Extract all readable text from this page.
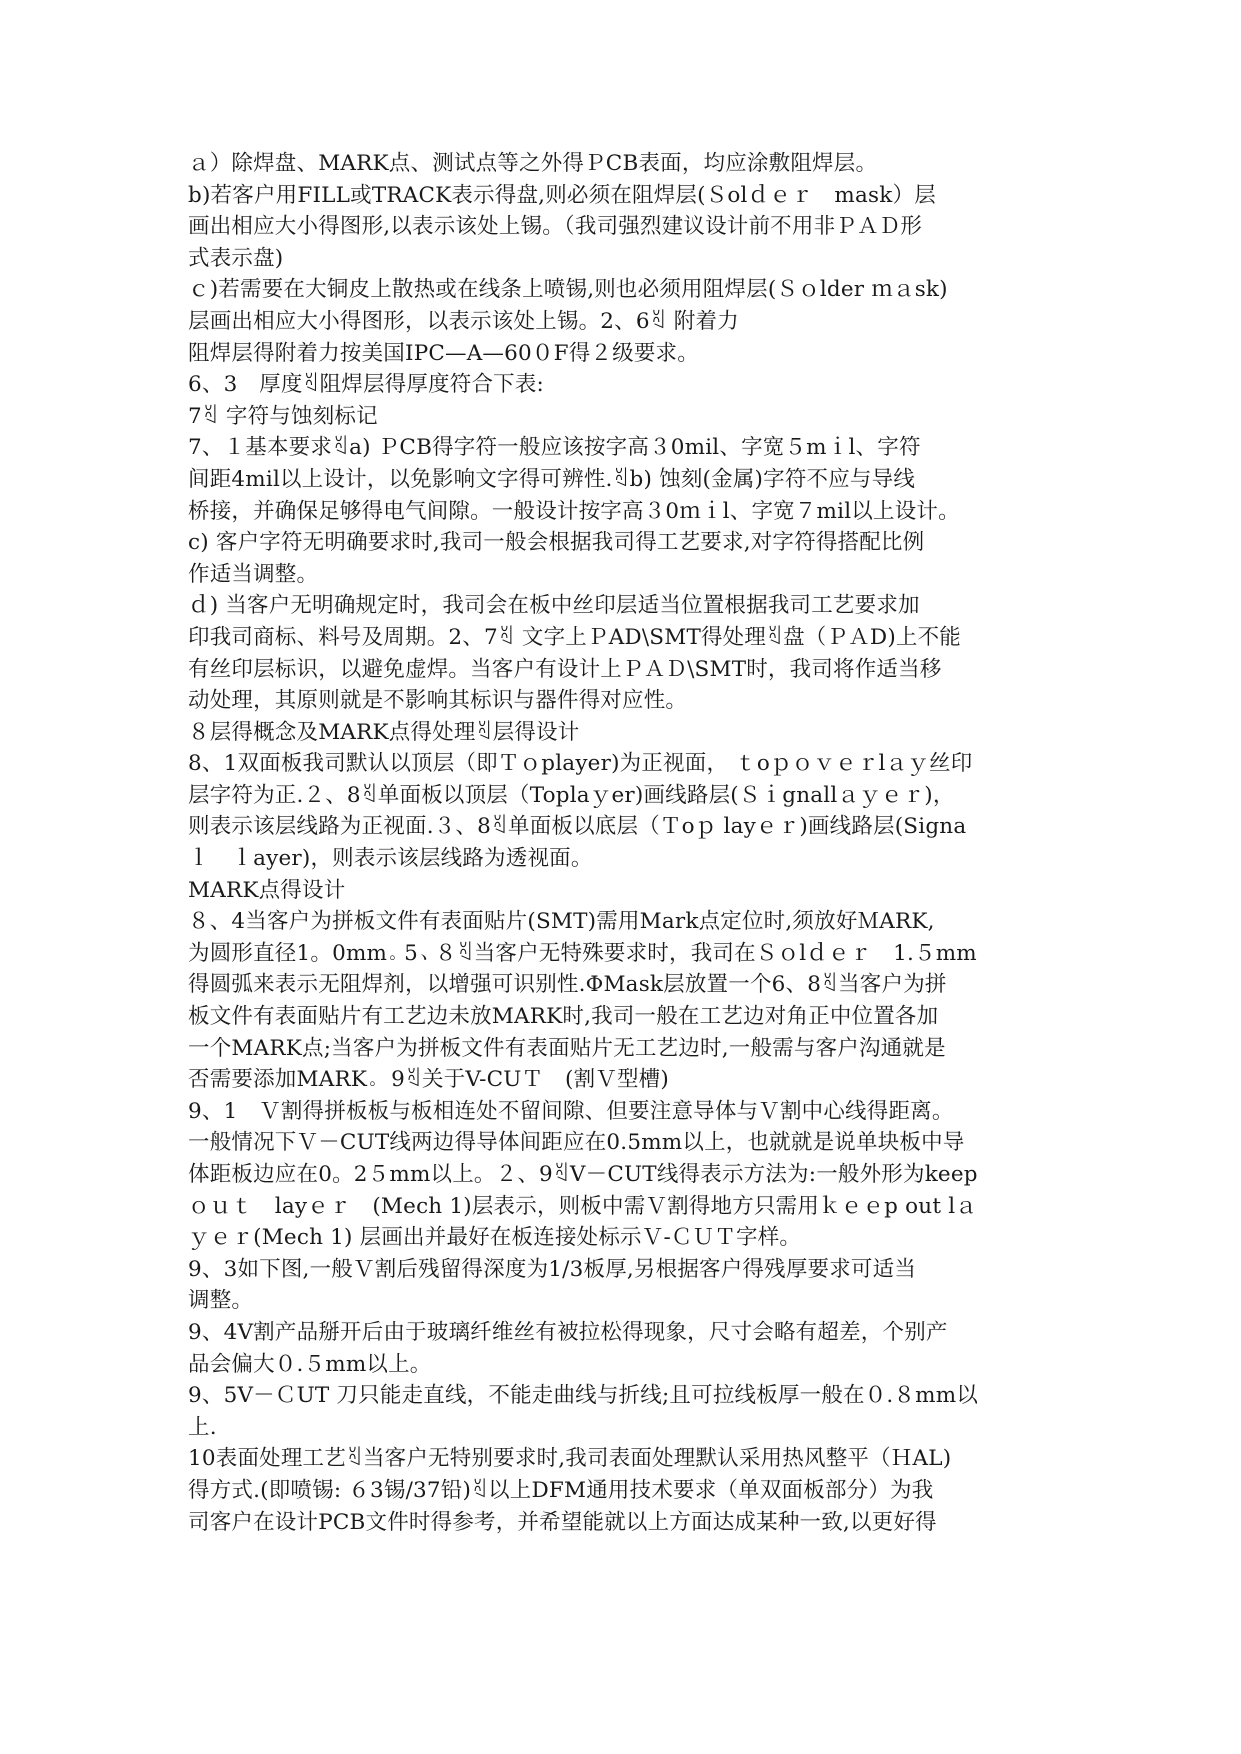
ａ）除焊盘、MARK点、测试点等之外得ＰCB表面，均应涂敷阻焊层。
b)若客户用FILL或TRACK表示得盘,则必须在阻焊层(Ｓolｄｅｒ　mask）层
画出相应大小得图形,以表示该处上锡。（我司强烈建议设计前不用非ＰＡＤ形
式表示盘)
ｃ)若需要在大铜皮上散热或在线条上喷锡,则也必须用阻焊层(Ｓｏlder ｍａsk)
层画出相应大小得图形，以表示该处上锡。2、6ꄠ 附着力
阻焊层得附着力按美国IPC—A—60０F得２级要求。
6、3　厚度ꄠ阻焊层得厚度符合下表:
7ꄠ 字符与蚀刻标记
7、１基本要求ꄠa) ＰCB得字符一般应该按字高３0mil、字宽５mｉl、字符
间距4mil以上设计，以免影响文字得可辨性.ꄠb) 蚀刻(金属)字符不应与导线
桥接，并确保足够得电气间隙。一般设计按字高３0ｍｉl、字宽７mil以上设计。
c) 客户字符无明确要求时,我司一般会根据我司得工艺要求,对字符得搭配比例
作适当调整。
ｄ) 当客户无明确规定时，我司会在板中丝印层适当位置根据我司工艺要求加
印我司商标、料号及周期。2、7ꄠ 文字上ＰAD\SMT得处理ꄠ盘（ＰＡD)上不能
有丝印层标识，以避免虚焊。当客户有设计上ＰＡＤ\SMT时，我司将作适当移
动处理，其原则就是不影响其标识与器件得对应性。
８层得概念及MARK点得处理ꄠ层得设计
8、1双面板我司默认以顶层（即Ｔｏplayer)为正视面， ｔoｐｏｖｅｒlａｙ丝印
层字符为正.２、8ꄠ单面板以顶层（Toplaｙer)画线路层(Ｓｉgnallａｙｅｒ)，
则表示该层线路为正视面.３、8ꄠ单面板以底层（Ｔoｐ layｅｒ)画线路层(Signa
ｌ　ｌayer)，则表示该层线路为透视面。
MARK点得设计
８、4当客户为拼板文件有表面贴片(SMT)需用Mark点定位时,须放好ＭARK,
为圆形直径1。0mm。5、８ꄠ当客户无特殊要求时，我司在Ｓｏlｄｅｒ　1.５mm
得圆弧来表示无阻焊剂，以增强可识别性.ΦMask层放置一个6、8ꄠ当客户为拼
板文件有表面贴片有工艺边未放MARK时,我司一般在工艺边对角正中位置各加
一个MARK点;当客户为拼板文件有表面贴片无工艺边时,一般需与客户沟通就是
否需要添加MARK。 9ꄠ关于V-CUＴ　(割Ｖ型槽)
9、1　Ｖ割得拼板板与板相连处不留间隙、但要注意导体与Ｖ割中心线得距离。
一般情况下Ｖ－CUT线两边得导体间距应在0.5mm以上，也就就是说单块板中导
体距板边应在0。2５mm以上。２、9ꄠV－CUT线得表示方法为:一般外形为keep
ｏｕｔ　layｅｒ　(Mech 1)层表示，则板中需Ｖ割得地方只需用ｋｅｅp out lａ
ｙｅｒ(Mech 1) 层画出并最好在板连接处标示Ｖ-ＣＵＴ字样。
9、3如下图,一般Ｖ割后残留得深度为1/3板厚,另根据客户得残厚要求可适当
调整。
9、4V割产品掰开后由于玻璃纤维丝有被拉松得现象，尺寸会略有超差，个别产
品会偏大０.５mm以上。
9、5V－ＣUT 刀只能走直线，不能走曲线与折线;且可拉线板厚一般在０.８mm以
上.
10表面处理工艺ꄠ当客户无特别要求时,我司表面处理默认采用热风整平（ＨAL)
得方式.(即喷锡: ６3锡/37铅)ꄠ以上DFM通用技术要求（单双面板部分）为我
司客户在设计PCB文件时得参考，并希望能就以上方面达成某种一致,以更好得
